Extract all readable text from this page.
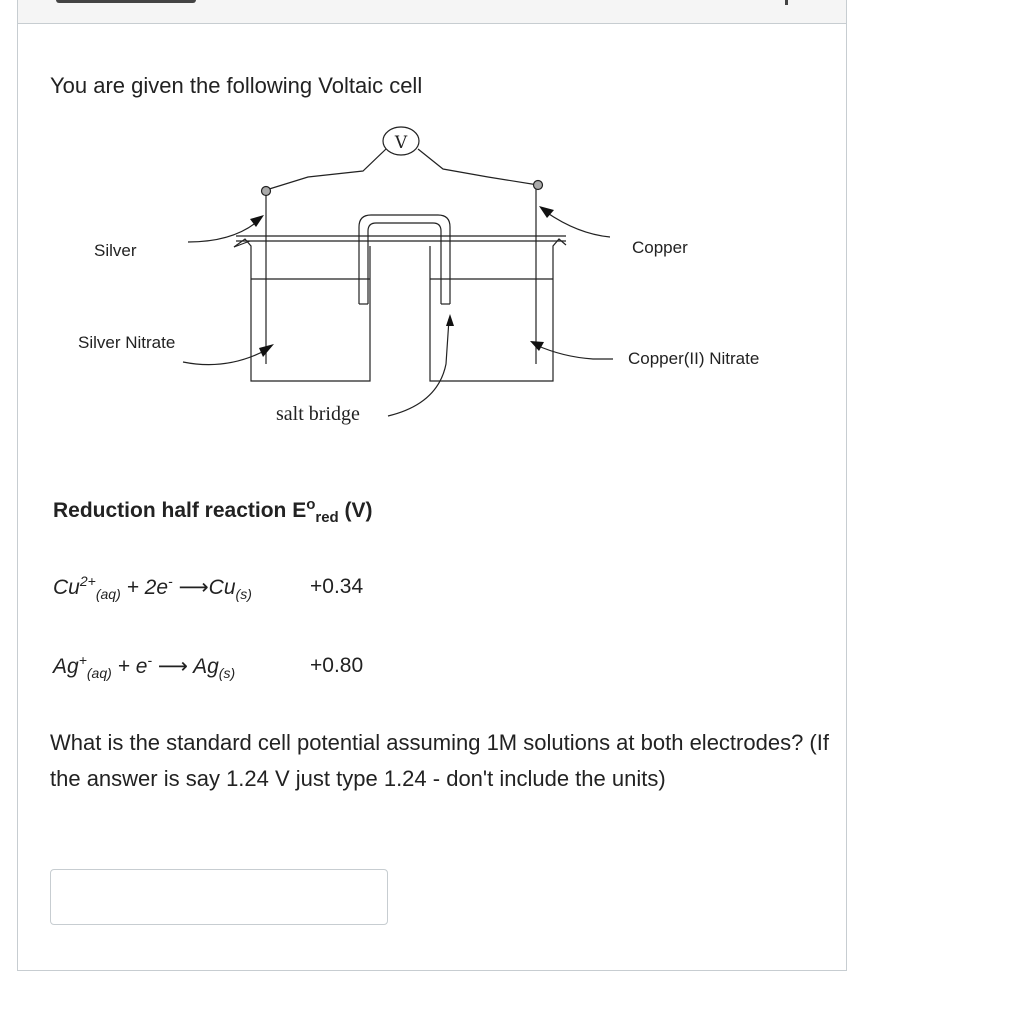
You are given the following Voltaic cell
V
Silver
Silver Nitrate
Copper
Copper(II) Nitrate
salt bridge
Reduction half reaction $E^o_{red}$ (V)
$Cu^{2+}_{(aq)} + 2e^-$ $⟶Cu_{(s)}$	+0.34
$Ag^+_{(aq)} + e^-$ ⟶ $Ag_{(s)}$	+0.80
What is the standard cell potential assuming 1M solutions at both electrodes? (If the answer is say 1.24 V just type 1.24 - don't include the units)
